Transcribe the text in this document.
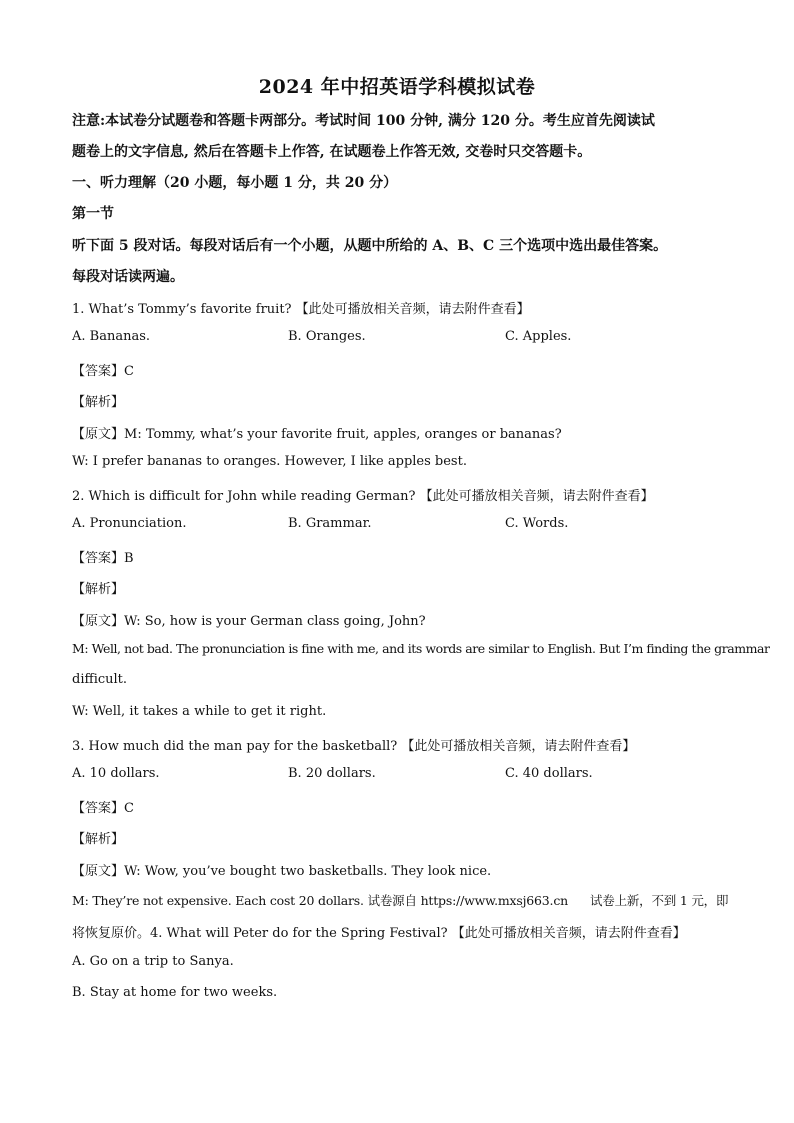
2024 年中招英语学科模拟试卷
注意:本试卷分试题卷和答题卡两部分。考试时间 100 分钟, 满分 120 分。考生应首先阅读试
题卷上的文字信息, 然后在答题卡上作答, 在试题卷上作答无效, 交卷时只交答题卡。
一、听力理解（20 小题，每小题 1 分，共 20 分）
第一节
听下面 5 段对话。每段对话后有一个小题，从题中所给的 A、B、C 三个选项中选出最佳答案。
每段对话读两遍。
1. What’s Tommy’s favorite fruit? 【此处可播放相关音频，请去附件查看】
A. Bananas.	B. Oranges.	C. Apples.
【答案】C
【解析】
【原文】M: Tommy, what’s your favorite fruit, apples, oranges or bananas?
W: I prefer bananas to oranges. However, I like apples best.
2. Which is difficult for John while reading German? 【此处可播放相关音频，请去附件查看】
A. Pronunciation.	B. Grammar.	C. Words.
【答案】B
【解析】
【原文】W: So, how is your German class going, John?
M: Well, not bad. The pronunciation is fine with me, and its words are similar to English. But I’m finding the grammar
difficult.
W: Well, it takes a while to get it right.
3. How much did the man pay for the basketball? 【此处可播放相关音频，请去附件查看】
A. 10 dollars.	B. 20 dollars.	C. 40 dollars.
【答案】C
【解析】
【原文】W: Wow, you’ve bought two basketballs. They look nice.
M: They’re not expensive. Each cost 20 dollars. 试卷源自 https://www.mxsj663.cn 试卷上新，不到 1 元，即
将恢复原价。4. What will Peter do for the Spring Festival? 【此处可播放相关音频，请去附件查看】
A. Go on a trip to Sanya.
B. Stay at home for two weeks.
